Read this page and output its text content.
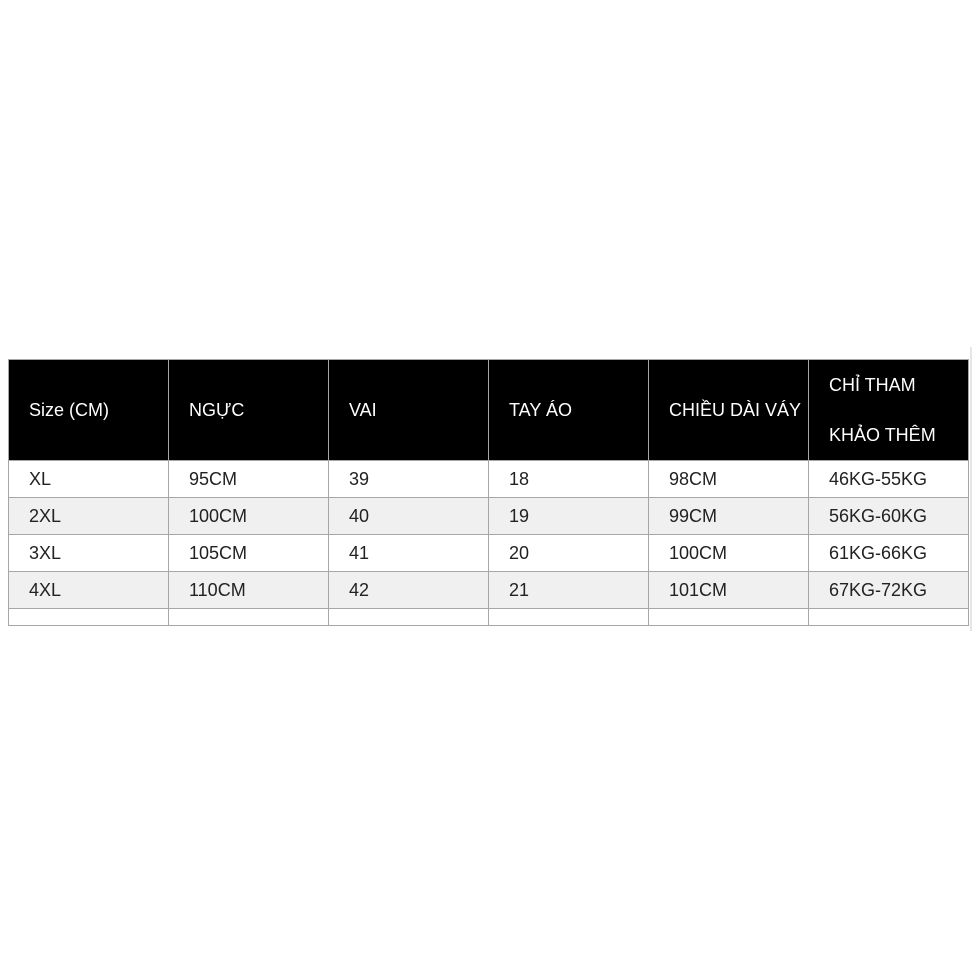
Size (CM)	NGỰC	VAI	TAY ÁO	CHIỀU DÀI VÁY	CHỈ THAM KHẢO THÊM
XL	95CM	39	18	98CM	46KG-55KG
2XL	100CM	40	19	99CM	56KG-60KG
3XL	105CM	41	20	100CM	61KG-66KG
4XL	110CM	42	21	101CM	67KG-72KG
